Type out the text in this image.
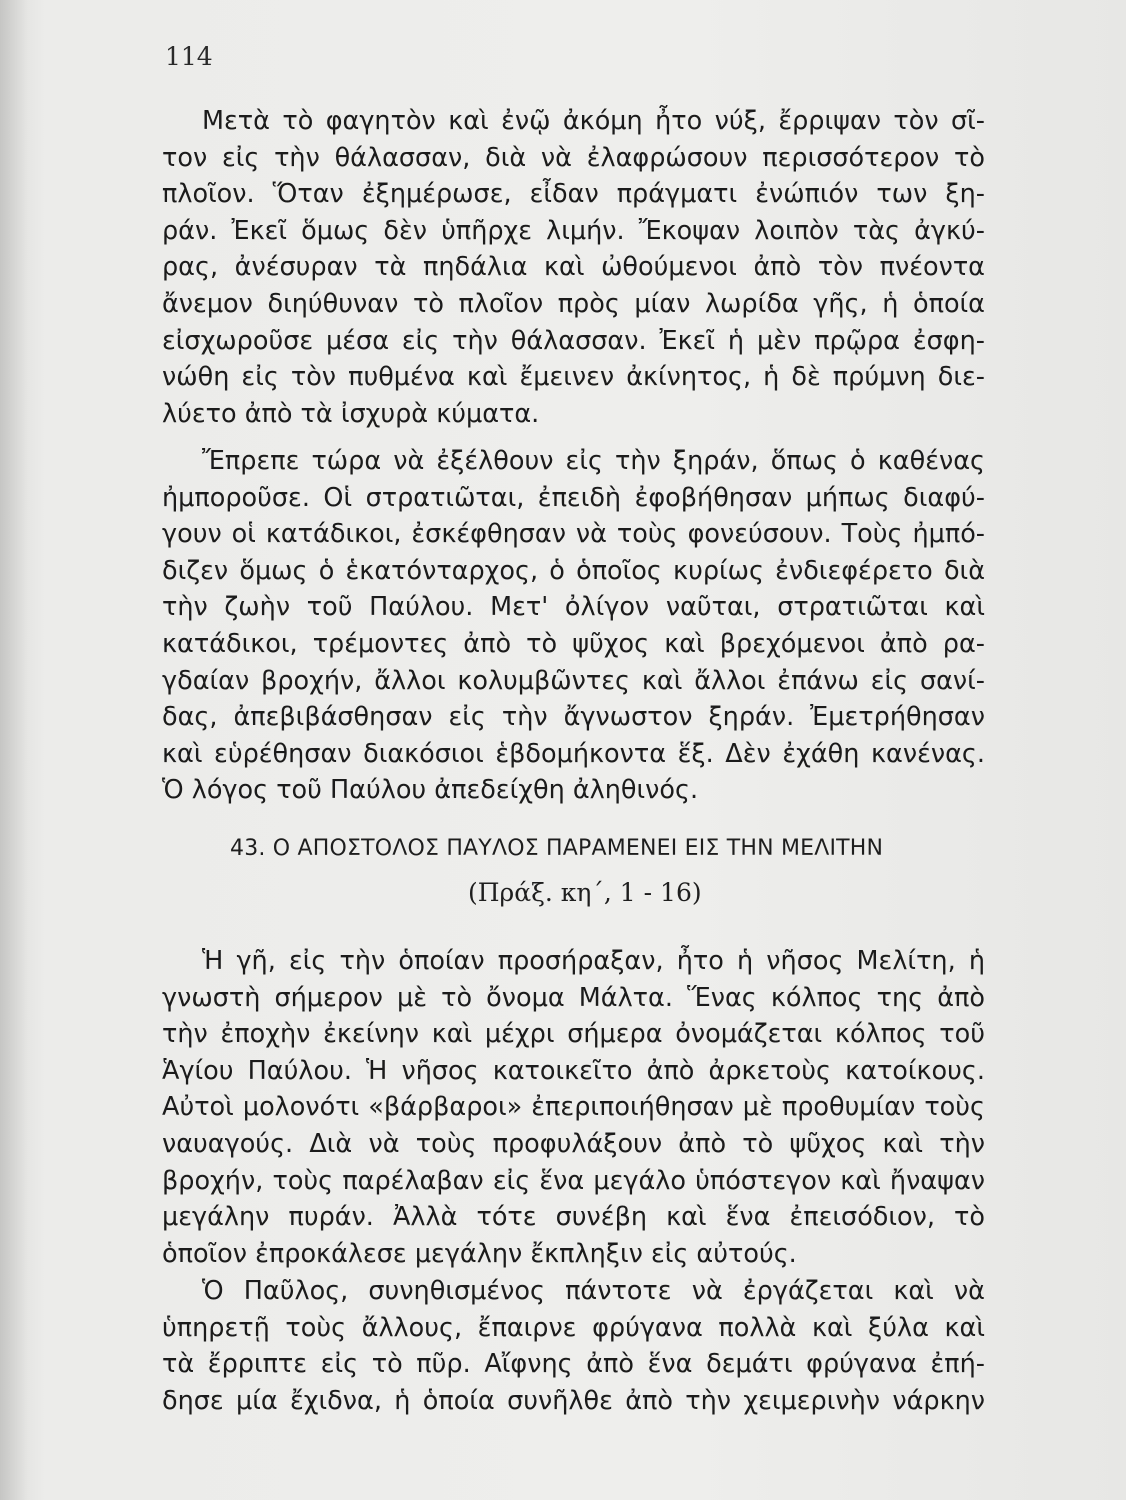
114
Μετὰ τὸ φαγητὸν καὶ ἐνῷ ἀκόμη ἦτο νύξ, ἔρριψαν τὸν σῖ-
τον εἰς τὴν θάλασσαν, διὰ νὰ ἐλαφρώσουν περισσότερον τὸ
πλοῖον. Ὅταν ἐξημέρωσε, εἶδαν πράγματι ἐνώπιόν των ξη-
ράν. Ἐκεῖ ὅμως δὲν ὑπῆρχε λιμήν. Ἔκοψαν λοιπὸν τὰς ἀγκύ-
ρας, ἀνέσυραν τὰ πηδάλια καὶ ὠθούμενοι ἀπὸ τὸν πνέοντα
ἄνεμον διηύθυναν τὸ πλοῖον πρὸς μίαν λωρίδα γῆς, ἡ ὁποία
εἰσχωροῦσε μέσα εἰς τὴν θάλασσαν. Ἐκεῖ ἡ μὲν πρῷρα ἐσφη-
νώθη εἰς τὸν πυθμένα καὶ ἔμεινεν ἀκίνητος, ἡ δὲ πρύμνη διε-
λύετο ἀπὸ τὰ ἰσχυρὰ κύματα.
Ἔπρεπε τώρα νὰ ἐξέλθουν εἰς τὴν ξηράν, ὅπως ὁ καθένας
ἠμποροῦσε. Οἱ στρατιῶται, ἐπειδὴ ἐφοβήθησαν μήπως διαφύ-
γουν οἱ κατάδικοι, ἐσκέφθησαν νὰ τοὺς φονεύσουν. Τοὺς ἠμπό-
διζεν ὅμως ὁ ἑκατόνταρχος, ὁ ὁποῖος κυρίως ἐνδιεφέρετο διὰ
τὴν ζωὴν τοῦ Παύλου. Μετ' ὀλίγον ναῦται, στρατιῶται καὶ
κατάδικοι, τρέμοντες ἀπὸ τὸ ψῦχος καὶ βρεχόμενοι ἀπὸ ρα-
γδαίαν βροχήν, ἄλλοι κολυμβῶντες καὶ ἄλλοι ἐπάνω εἰς σανί-
δας, ἀπεβιβάσθησαν εἰς τὴν ἄγνωστον ξηράν. Ἐμετρήθησαν
καὶ εὑρέθησαν διακόσιοι ἑβδομήκοντα ἕξ. Δὲν ἐχάθη κανένας.
Ὁ λόγος τοῦ Παύλου ἀπεδείχθη ἀληθινός.
43. Ο ΑΠΟΣΤΟΛΟΣ ΠΑΥΛΟΣ ΠΑΡΑΜΕΝΕΙ ΕΙΣ ΤΗΝ ΜΕΛΙΤΗΝ
(Πράξ. κη΄, 1 - 16)
Ἡ γῆ, εἰς τὴν ὁποίαν προσήραξαν, ἦτο ἡ νῆσος Μελίτη, ἡ
γνωστὴ σήμερον μὲ τὸ ὄνομα Μάλτα. Ἕνας κόλπος της ἀπὸ
τὴν ἐποχὴν ἐκείνην καὶ μέχρι σήμερα ὀνομάζεται κόλπος τοῦ
Ἁγίου Παύλου. Ἡ νῆσος κατοικεῖτο ἀπὸ ἀρκετοὺς κατοίκους.
Αὐτοὶ μολονότι «βάρβαροι» ἐπεριποιήθησαν μὲ προθυμίαν τοὺς
ναυαγούς. Διὰ νὰ τοὺς προφυλάξουν ἀπὸ τὸ ψῦχος καὶ τὴν
βροχήν, τοὺς παρέλαβαν εἰς ἕνα μεγάλο ὑπόστεγον καὶ ἤναψαν
μεγάλην πυράν. Ἀλλὰ τότε συνέβη καὶ ἕνα ἐπεισόδιον, τὸ
ὁποῖον ἐπροκάλεσε μεγάλην ἔκπληξιν εἰς αὐτούς.
Ὁ Παῦλος, συνηθισμένος πάντοτε νὰ ἐργάζεται καὶ νὰ
ὑπηρετῇ τοὺς ἄλλους, ἔπαιρνε φρύγανα πολλὰ καὶ ξύλα καὶ
τὰ ἔρριπτε εἰς τὸ πῦρ. Αἴφνης ἀπὸ ἕνα δεμάτι φρύγανα ἐπή-
δησε μία ἔχιδνα, ἡ ὁποία συνῆλθε ἀπὸ τὴν χειμερινὴν νάρκην
